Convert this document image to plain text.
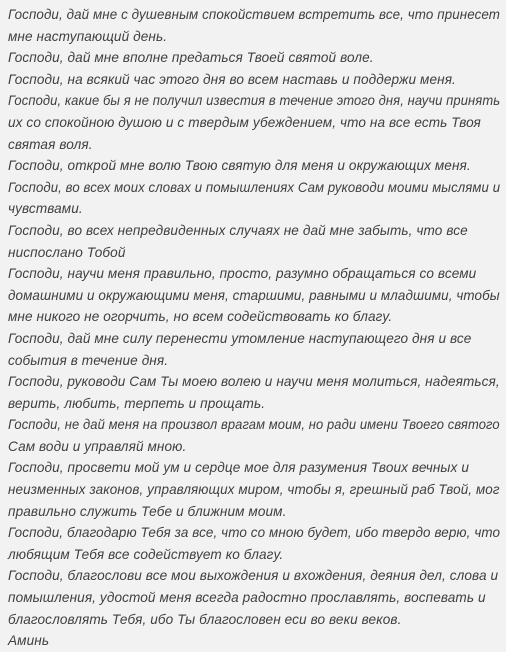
Господи, дай мне с душевным спокойствием встретить все, что принесет
мне наступающий день.
Господи, дай мне вполне предаться Твоей святой воле.
Господи, на всякий час этого дня во всем наставь и поддержи меня.
Господи, какие бы я не получил известия в течение этого дня, научи принять
их со спокойною душою и с твердым убеждением, что на все есть Твоя
святая воля.
Господи, открой мне волю Твою святую для меня и окружающих меня.
Господи, во всех моих словах и помышлениях Сам руководи моими мыслями и
чувствами.
Господи, во всех непредвиденных случаях не дай мне забыть, что все
ниспослано Тобой
Господи, научи меня правильно, просто, разумно обращаться со всеми
домашними и окружающими меня, старшими, равными и младшими, чтобы
мне никого не огорчить, но всем содействовать ко благу.
Господи, дай мне силу перенести утомление наступающего дня и все
события в течение дня.
Господи, руководи Сам Ты моею волею и научи меня молиться, надеяться,
верить, любить, терпеть и прощать.
Господи, не дай меня на произвол врагам моим, но ради имени Твоего святого
Сам води и управляй мною.
Господи, просвети мой ум и сердце мое для разумения Твоих вечных и
неизменных законов, управляющих миром, чтобы я, грешный раб Твой, мог
правильно служить Тебе и ближним моим.
Господи, благодарю Тебя за все, что со мною будет, ибо твердо верю, что
любящим Тебя все содействует ко благу.
Господи, благослови все мои выхождения и вхождения, деяния дел, слова и
помышления, удостой меня всегда радостно прославлять, воспевать и
благословлять Тебя, ибо Ты благословен еси во веки веков.
Аминь
